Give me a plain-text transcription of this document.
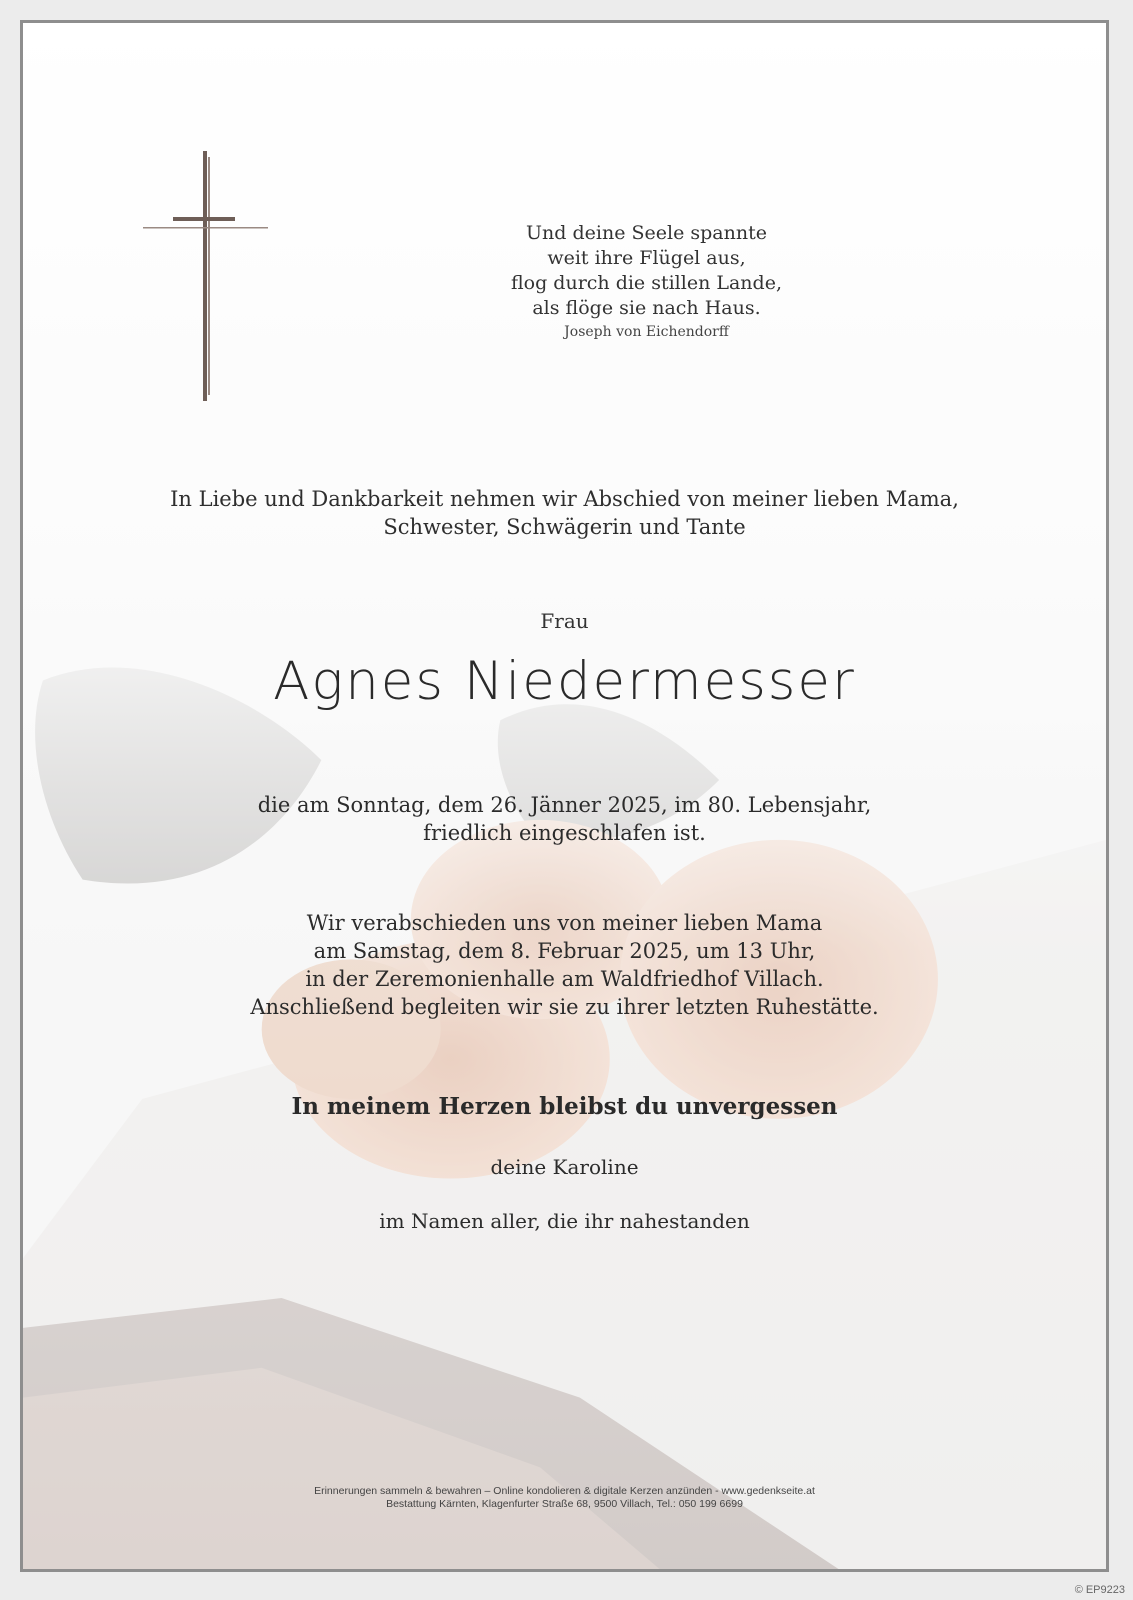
Und deine Seele spannte
weit ihre Flügel aus,
flog durch die stillen Lande,
als flöge sie nach Haus.
Joseph von Eichendorff
In Liebe und Dankbarkeit nehmen wir Abschied von meiner lieben Mama,
Schwester, Schwägerin und Tante
Frau
Agnes Niedermesser
die am Sonntag, dem 26. Jänner 2025, im 80. Lebensjahr,
friedlich eingeschlafen ist.
Wir verabschieden uns von meiner lieben Mama
am Samstag, dem 8. Februar 2025, um 13 Uhr,
in der Zeremonienhalle am Waldfriedhof Villach.
Anschließend begleiten wir sie zu ihrer letzten Ruhestätte.
In meinem Herzen bleibst du unvergessen
deine Karoline
im Namen aller, die ihr nahestanden
Erinnerungen sammeln & bewahren – Online kondolieren & digitale Kerzen anzünden - www.gedenkseite.at
Bestattung Kärnten, Klagenfurter Straße 68, 9500 Villach, Tel.: 050 199 6699
© EP9223
